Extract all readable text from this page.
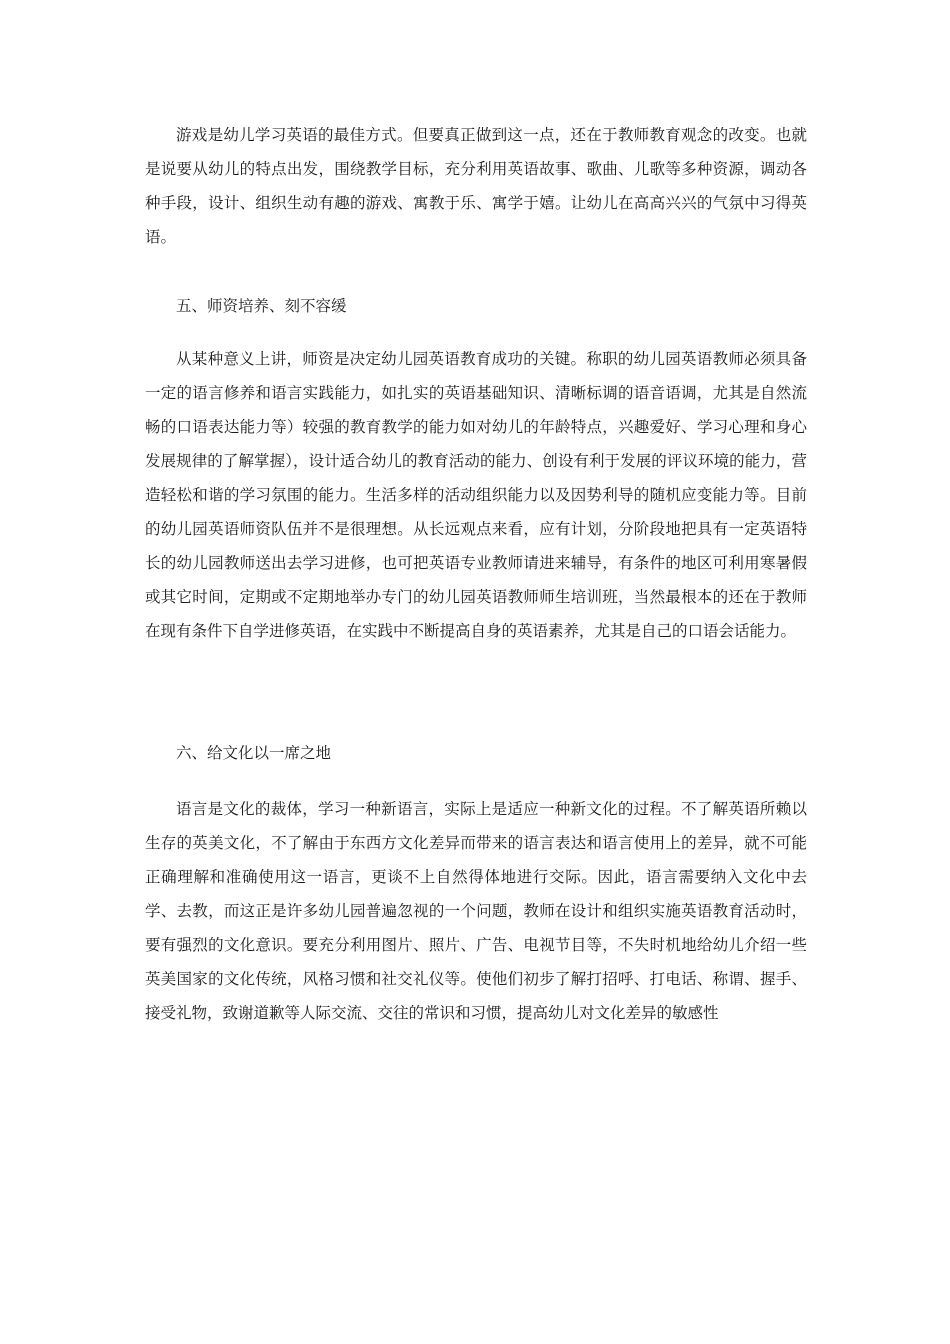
游戏是幼儿学习英语的最佳方式。但要真正做到这一点，还在于教师教育观念的改变。也就是说要从幼儿的特点出发，围绕教学目标，充分利用英语故事、歌曲、儿歌等多种资源，调动各种手段，设计、组织生动有趣的游戏、寓教于乐、寓学于嬉。让幼儿在高高兴兴的气氛中习得英语。

五、师资培养、刻不容缓

从某种意义上讲，师资是决定幼儿园英语教育成功的关键。称职的幼儿园英语教师必须具备一定的语言修养和语言实践能力，如扎实的英语基础知识、清晰标调的语音语调，尤其是自然流畅的口语表达能力等）较强的教育教学的能力如对幼儿的年龄特点，兴趣爱好、学习心理和身心发展规律的了解掌握），设计适合幼儿的教育活动的能力、创设有利于发展的评议环境的能力，营造轻松和谐的学习氛围的能力。生活多样的活动组织能力以及因势利导的随机应变能力等。目前的幼儿园英语师资队伍并不是很理想。从长远观点来看，应有计划，分阶段地把具有一定英语特长的幼儿园教师送出去学习进修，也可把英语专业教师请进来辅导，有条件的地区可利用寒暑假或其它时间，定期或不定期地举办专门的幼儿园英语教师师生培训班，当然最根本的还在于教师在现有条件下自学进修英语，在实践中不断提高自身的英语素养，尤其是自己的口语会话能力。

六、给文化以一席之地

语言是文化的裁体，学习一种新语言，实际上是适应一种新文化的过程。不了解英语所赖以生存的英美文化，不了解由于东西方文化差异而带来的语言表达和语言使用上的差异，就不可能正确理解和准确使用这一语言，更谈不上自然得体地进行交际。因此，语言需要纳入文化中去学、去教，而这正是许多幼儿园普遍忽视的一个问题，教师在设计和组织实施英语教育活动时，要有强烈的文化意识。要充分利用图片、照片、广告、电视节目等，不失时机地给幼儿介绍一些英美国家的文化传统，风格习惯和社交礼仪等。使他们初步了解打招呼、打电话、称谓、握手、接受礼物，致谢道歉等人际交流、交往的常识和习惯，提高幼儿对文化差异的敏感性
